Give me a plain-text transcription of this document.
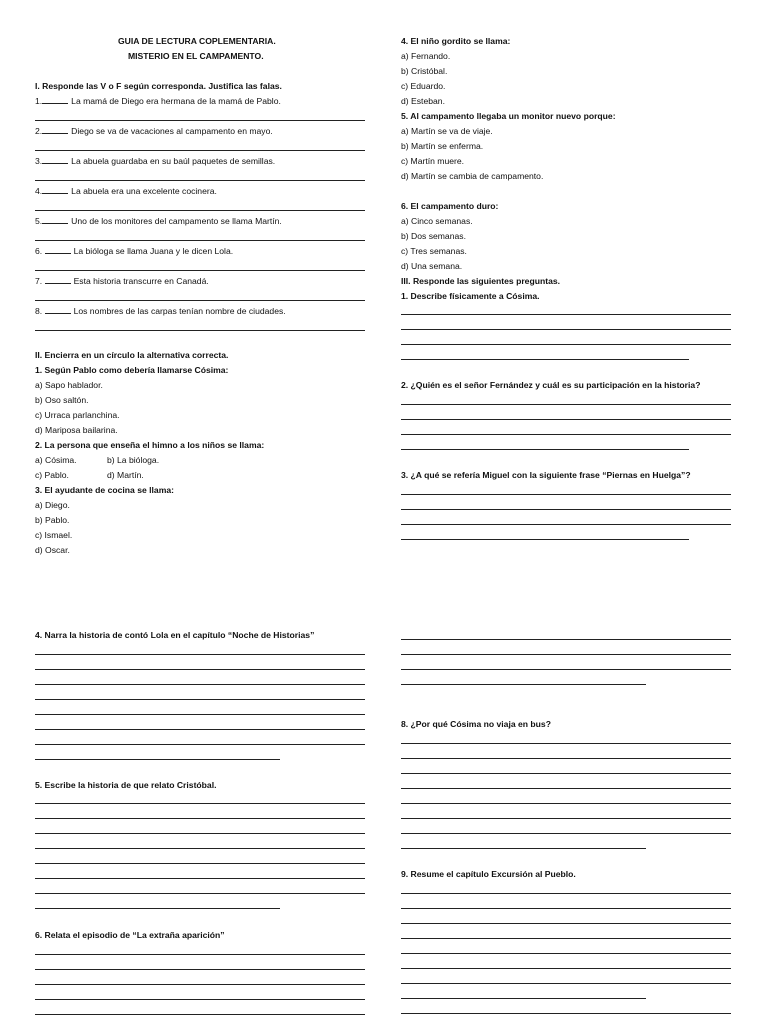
GUIA DE LECTURA COPLEMENTARIA.
MISTERIO EN EL CAMPAMENTO.
I. Responde las V o F según corresponda. Justifica las falas.
1.	La mamá de Diego era hermana de la mamá de Pablo.
2.	Diego se va de vacaciones al campamento en mayo.
3.	La abuela guardaba en su baúl paquetes de semillas.
4.	La abuela era una excelente cocinera.
5.	Uno de los monitores del campamento se llama Martín.
6.	La bióloga se llama Juana y le dicen Lola.
7.	Esta historia transcurre en Canadá.
8.	Los nombres de las carpas tenían nombre de ciudades.
II. Encierra en un círculo la alternativa correcta.
1. Según Pablo como debería llamarse Cósima:
a) Sapo hablador.
b) Oso saltón.
c) Urraca parlanchina.
d) Mariposa bailarina.
2. La persona que enseña el himno a los niños se llama:
a) Cósima.	b) La bióloga.
c) Pablo.	d) Martín.
3. El ayudante de cocina se llama:
a) Diego.
b) Pablo.
c) Ismael.
d) Oscar.
4. Narra la historia de contó Lola en el capítulo “Noche de Historias”
5. Escribe la historia de que relato Cristóbal.
6. Relata el episodio de “La extraña aparición”
4. El niño gordito se llama:
a) Fernando.
b) Cristóbal.
c) Eduardo.
d) Esteban.
5. Al campamento llegaba un monitor nuevo porque:
a) Martín se va de viaje.
b) Martín se enferma.
c) Martín muere.
d) Martín se cambia de campamento.
6. El campamento duro:
a) Cinco semanas.
b) Dos semanas.
c) Tres semanas.
d) Una semana.
III. Responde las siguientes preguntas.
1. Describe físicamente a Cósima.
2. ¿Quién es el señor Fernández y cuál es su participación en la historia?
3. ¿A qué se refería Miguel con la siguiente frase “Piernas en Huelga”?
8. ¿Por qué Cósima no viaja en bus?
9. Resume el capítulo Excursión al Pueblo.
